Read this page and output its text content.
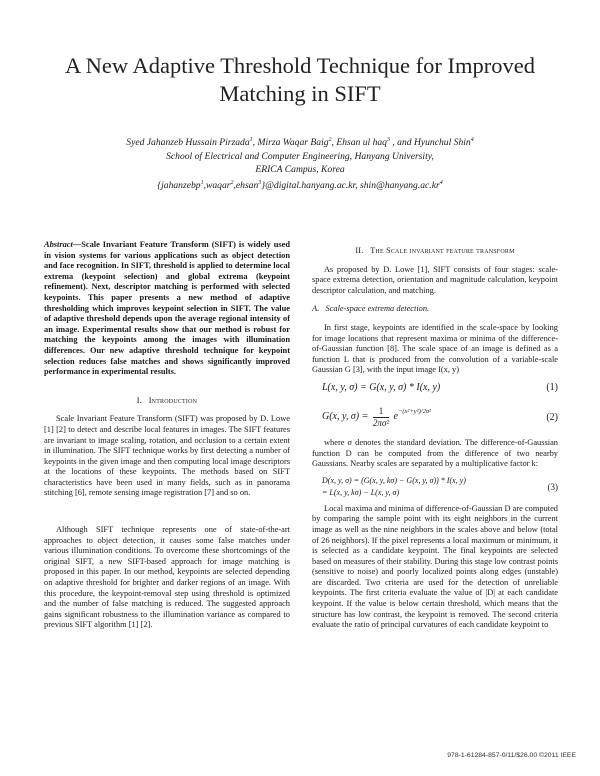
A New Adaptive Threshold Technique for Improved
Matching in SIFT
Syed Jahanzeb Hussain Pirzada$^1$, Mirza Waqar Baig$^2$, Ehsan ul haq$^3$ , and Hyunchul Shin$^4$
School of Electrical and Computer Engineering, Hanyang University,
ERICA Campus, Korea
{jahanzebp$^1$,waqar$^2$,ehsan$^3$}@digital.hanyang.ac.kr, $shin@hanyang.ac.kr^4$

Abstract—Scale Invariant Feature Transform (SIFT) is widely used in vision systems for various applications such as object detection and face recognition. In SIFT, threshold is applied to determine local extrema (keypoint selection) and global extrema (keypoint refinement). Next, descriptor matching is performed with selected keypoints. This paper presents a new method of adaptive thresholding which improves keypoint selection in SIFT. The value of adaptive threshold depends upon the average regional intensity of an image. Experimental results show that our method is robust for matching the keypoints among the images with illumination differences. Our new adaptive threshold technique for keypoint selection reduces false matches and shows significantly improved performance in experimental results.

I. Introduction

Scale Invariant Feature Transform (SIFT) was proposed by D. Lowe [1] [2] to detect and describe local features in images. The SIFT features are invariant to image scaling, rotation, and occlusion to a certain extent in illumination. The SIFT technique works by first detecting a number of keypoints in the given image and then computing local image descriptors at the locations of these keypoints. The methods based on SIFT characteristics have been used in many fields, such as in panorama stitching [6], remote sensing image registration [7] and so on.

Although SIFT technique represents one of state-of-the-art approaches to object detection, it causes some false matches under various illumination conditions. To overcome these shortcomings of the original SIFT, a new SIFT-based approach for image matching is proposed in this paper. In our method, keypoints are selected depending on adaptive threshold for brighter and darker regions of an image. With this procedure, the keypoint-removal step using threshold is optimized and the number of false matching is reduced. The suggested approach gains significant robustness to the illumination variance as compared to previous SIFT algorithm [1] [2].

II. The Scale invariant feature transform

As proposed by D. Lowe [1], SIFT consists of four stages: scale-space extrema detection, orientation and magnitude calculation, keypoint descriptor calculation, and matching.

A. Scale-space extrema detection.

In first stage, keypoints are identified in the scale-space by looking for image locations that represent maxima or minima of the difference-of-Gaussian function [8]. The scale space of an image is defined as a function L that is produced from the convolution of a variable-scale Gaussian G [3], with the input image I(x, y)

L(x, y, σ) = G(x, y, σ) * I(x, y)	(1)
G(x, y, $\sigma) = \frac{1}{\text{2πσ²}} e^{-(x^2+y^2)/2\sigma^2}$
(2)

where σ denotes the standard deviation. The difference-of-Gaussian function D can be computed from the difference of two nearby Gaussians. Nearby scales are separated by a multiplicative factor k:

D(x, y, σ) = (G(x, y, kσ) − G(x, y, σ)) * I(x, y)
= L(x, y, kσ) − L(x, y, σ)
(3)

Local maxima and minima of difference-of-Gaussian D are computed by comparing the sample point with its eight neighbors in the current image as well as the nine neighbors in the scales above and below (total of 26 neighbors). If the pixel represents a local maximum or minimum, it is selected as a candidate keypoint. The final keypoints are selected based on measures of their stability. During this stage low contrast points (sensitive to noise) and poorly localized points along edges (unstable) are discarded. Two criteria are used for the detection of unreliable keypoints. The first criteria evaluate the value of |D| at each candidate keypoint. If the value is below certain threshold, which means that the structure has low contrast, the keypoint is removed. The second criteria evaluate the ratio of principal curvatures of each candidate keypoint to

978-1-61284-857-0/11/$26.00 ©2011 IEEE
